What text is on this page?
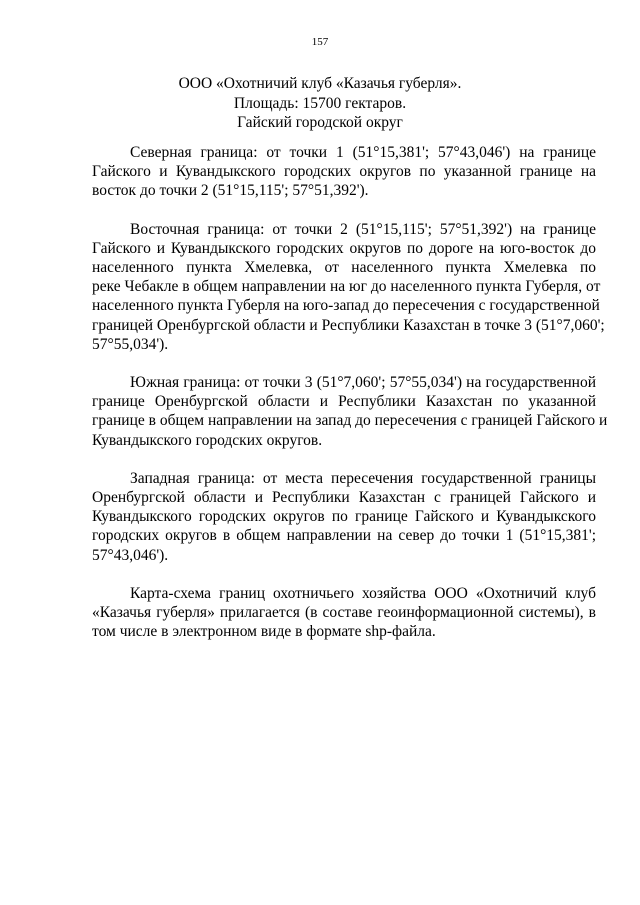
157
ООО «Охотничий клуб «Казачья губерля».
Площадь: 15700 гектаров.
Гайский городской округ

Северная граница: от точки 1 (51°15,381'; 57°43,046') на границе
Гайского и Кувандыкского городских округов по указанной границе на
восток до точки 2 (51°15,115'; 57°51,392').

Восточная граница: от точки 2 (51°15,115'; 57°51,392') на границе
Гайского и Кувандыкского городских округов по дороге на юго-восток до
населенного пункта Хмелевка, от населенного пункта Хмелевка по
реке Чебакле в общем направлении на юг до населенного пункта Губерля, от
населенного пункта Губерля на юго-запад до пересечения с государственной
границей Оренбургской области и Республики Казахстан в точке 3 (51°7,060';
57°55,034').

Южная граница: от точки 3 (51°7,060'; 57°55,034') на государственной
границе Оренбургской области и Республики Казахстан по указанной
границе в общем направлении на запад до пересечения с границей Гайского и
Кувандыкского городских округов.

Западная граница: от места пересечения государственной границы
Оренбургской области и Республики Казахстан с границей Гайского и
Кувандыкского городских округов по границе Гайского и Кувандыкского
городских округов в общем направлении на север до точки 1 (51°15,381';
57°43,046').

Карта-схема границ охотничьего хозяйства ООО «Охотничий клуб
«Казачья губерля» прилагается (в составе геоинформационной системы), в
том числе в электронном виде в формате shp-файла.
